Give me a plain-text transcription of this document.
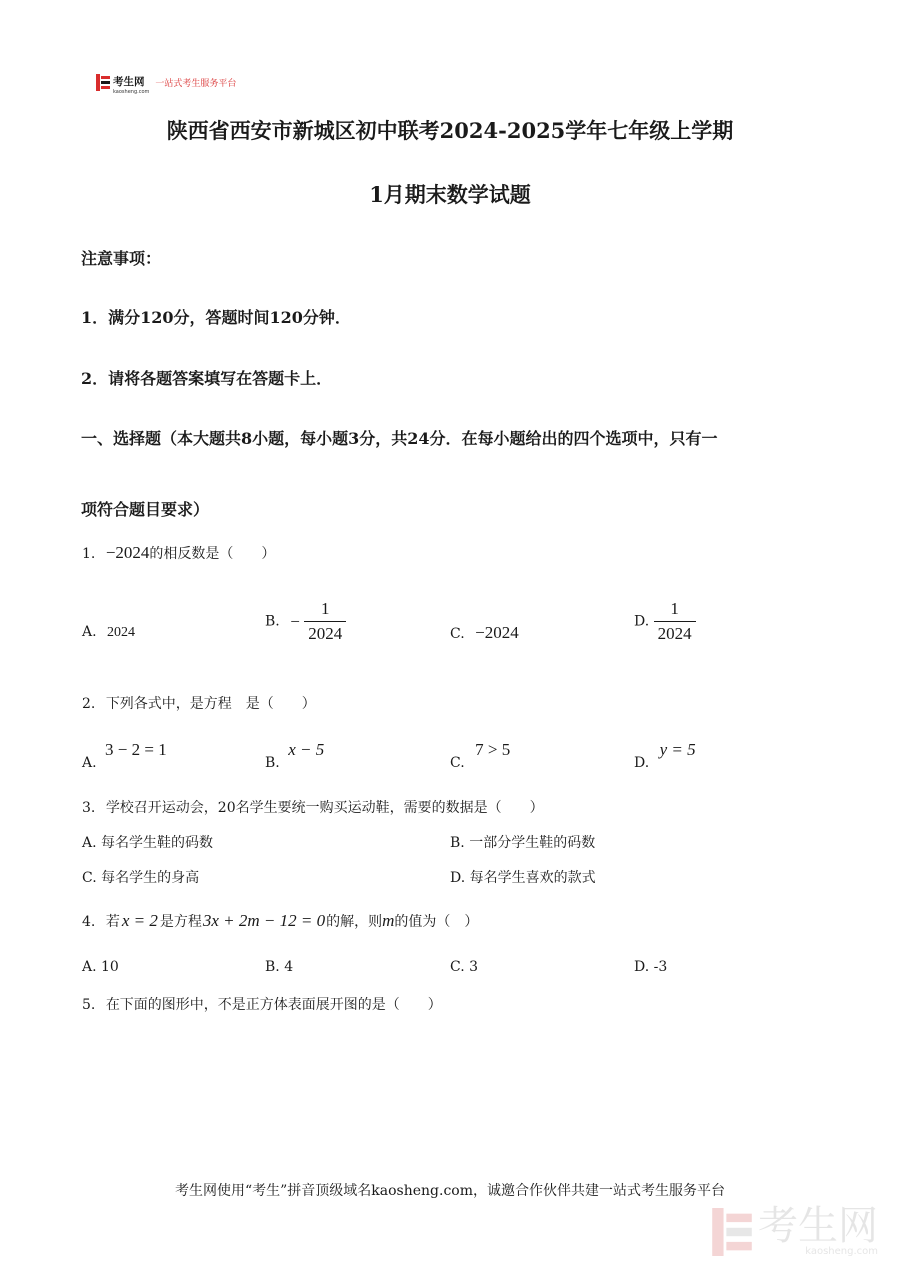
考生网
kaosheng.com
一站式考生服务平台
陕西省西安市新城区初中联考2024-2025学年七年级上学期
1月期末数学试题
注意事项：
1．满分120分，答题时间120分钟．
2．请将各题答案填写在答题卡上．
一、选择题（本大题共8小题，每小题3分，共24分．在每小题给出的四个选项中，只有一
项符合题目要求）
1. −2024的相反数是（　　）
A. 2024
B. − $\frac{1}{2024}$	C. −2024
D. $\frac{1}{2024}$
2. 下列各式中，是方程　是（　　）
A. 3 − 2 = 1
B. x − 5
C. 7 > 5
D. y = 5
3. 学校召开运动会，20名学生要统一购买运动鞋，需要的数据是（　　）
A. 每名学生鞋的码数	B. 一部分学生鞋的码数
C. 每名学生的身高	D. 每名学生喜欢的款式
4. 若 x = 2 是方程3x + 2m − 12 = 0的解，则m的值为（　）
A. 10	B. 4	C. 3	D. -3
5. 在下面的图形中，不是正方体表面展开图的是（　　）
考生网使用“考生”拼音顶级域名kaosheng.com，诚邀合作伙伴共建一站式考生服务平台
考生网
kaosheng.com
